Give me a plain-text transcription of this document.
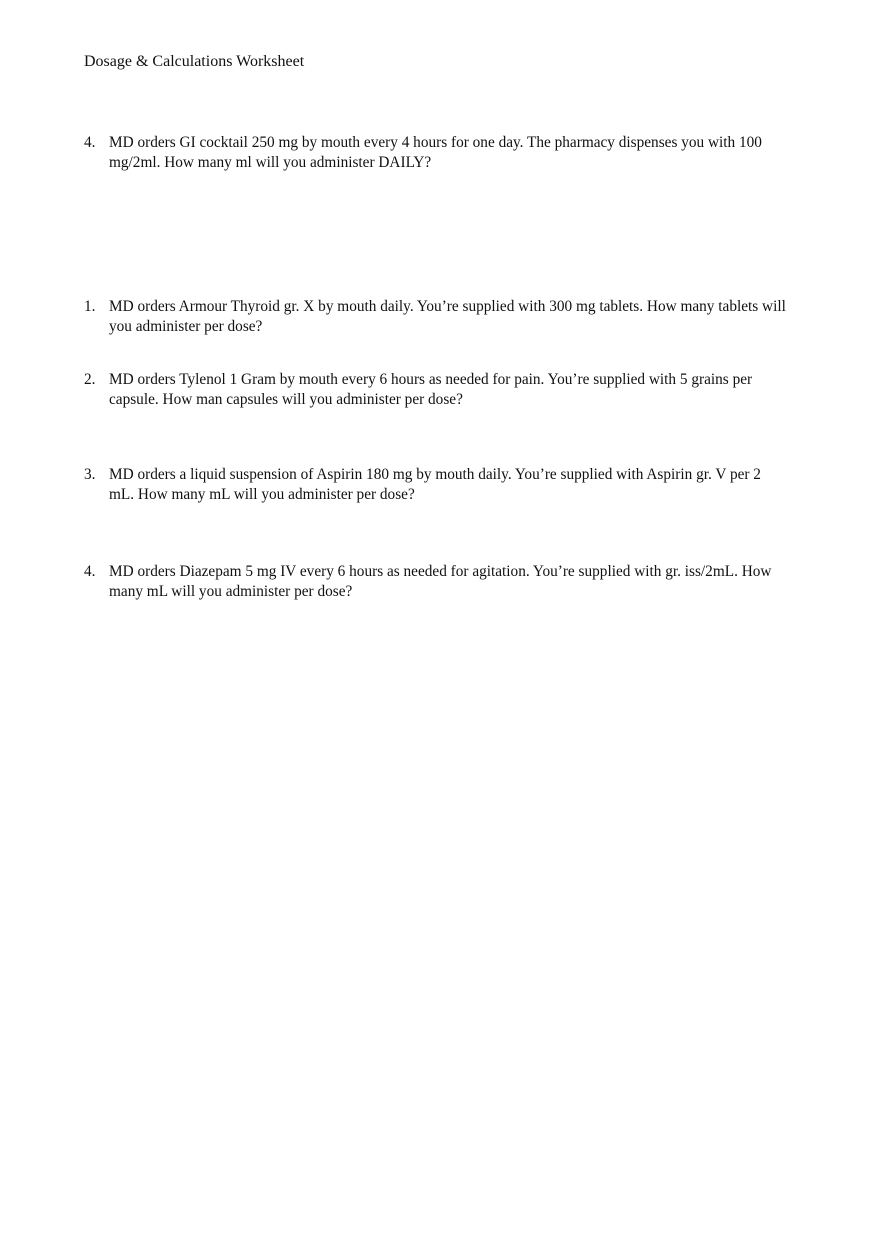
Dosage & Calculations Worksheet
4. MD orders GI cocktail 250 mg by mouth every 4 hours for one day. The pharmacy dispenses you with 100
mg/2ml. How many ml will you administer DAILY?
1. MD orders Armour Thyroid gr. X by mouth daily. You’re supplied with 300 mg tablets. How many tablets will
you administer per dose?
2. MD orders Tylenol 1 Gram by mouth every 6 hours as needed for pain. You’re supplied with 5 grains per
capsule. How man capsules will you administer per dose?
3. MD orders a liquid suspension of Aspirin 180 mg by mouth daily. You’re supplied with Aspirin gr. V per 2
mL. How many mL will you administer per dose?
4. MD orders Diazepam 5 mg IV every 6 hours as needed for agitation. You’re supplied with gr. iss/2mL. How
many mL will you administer per dose?
